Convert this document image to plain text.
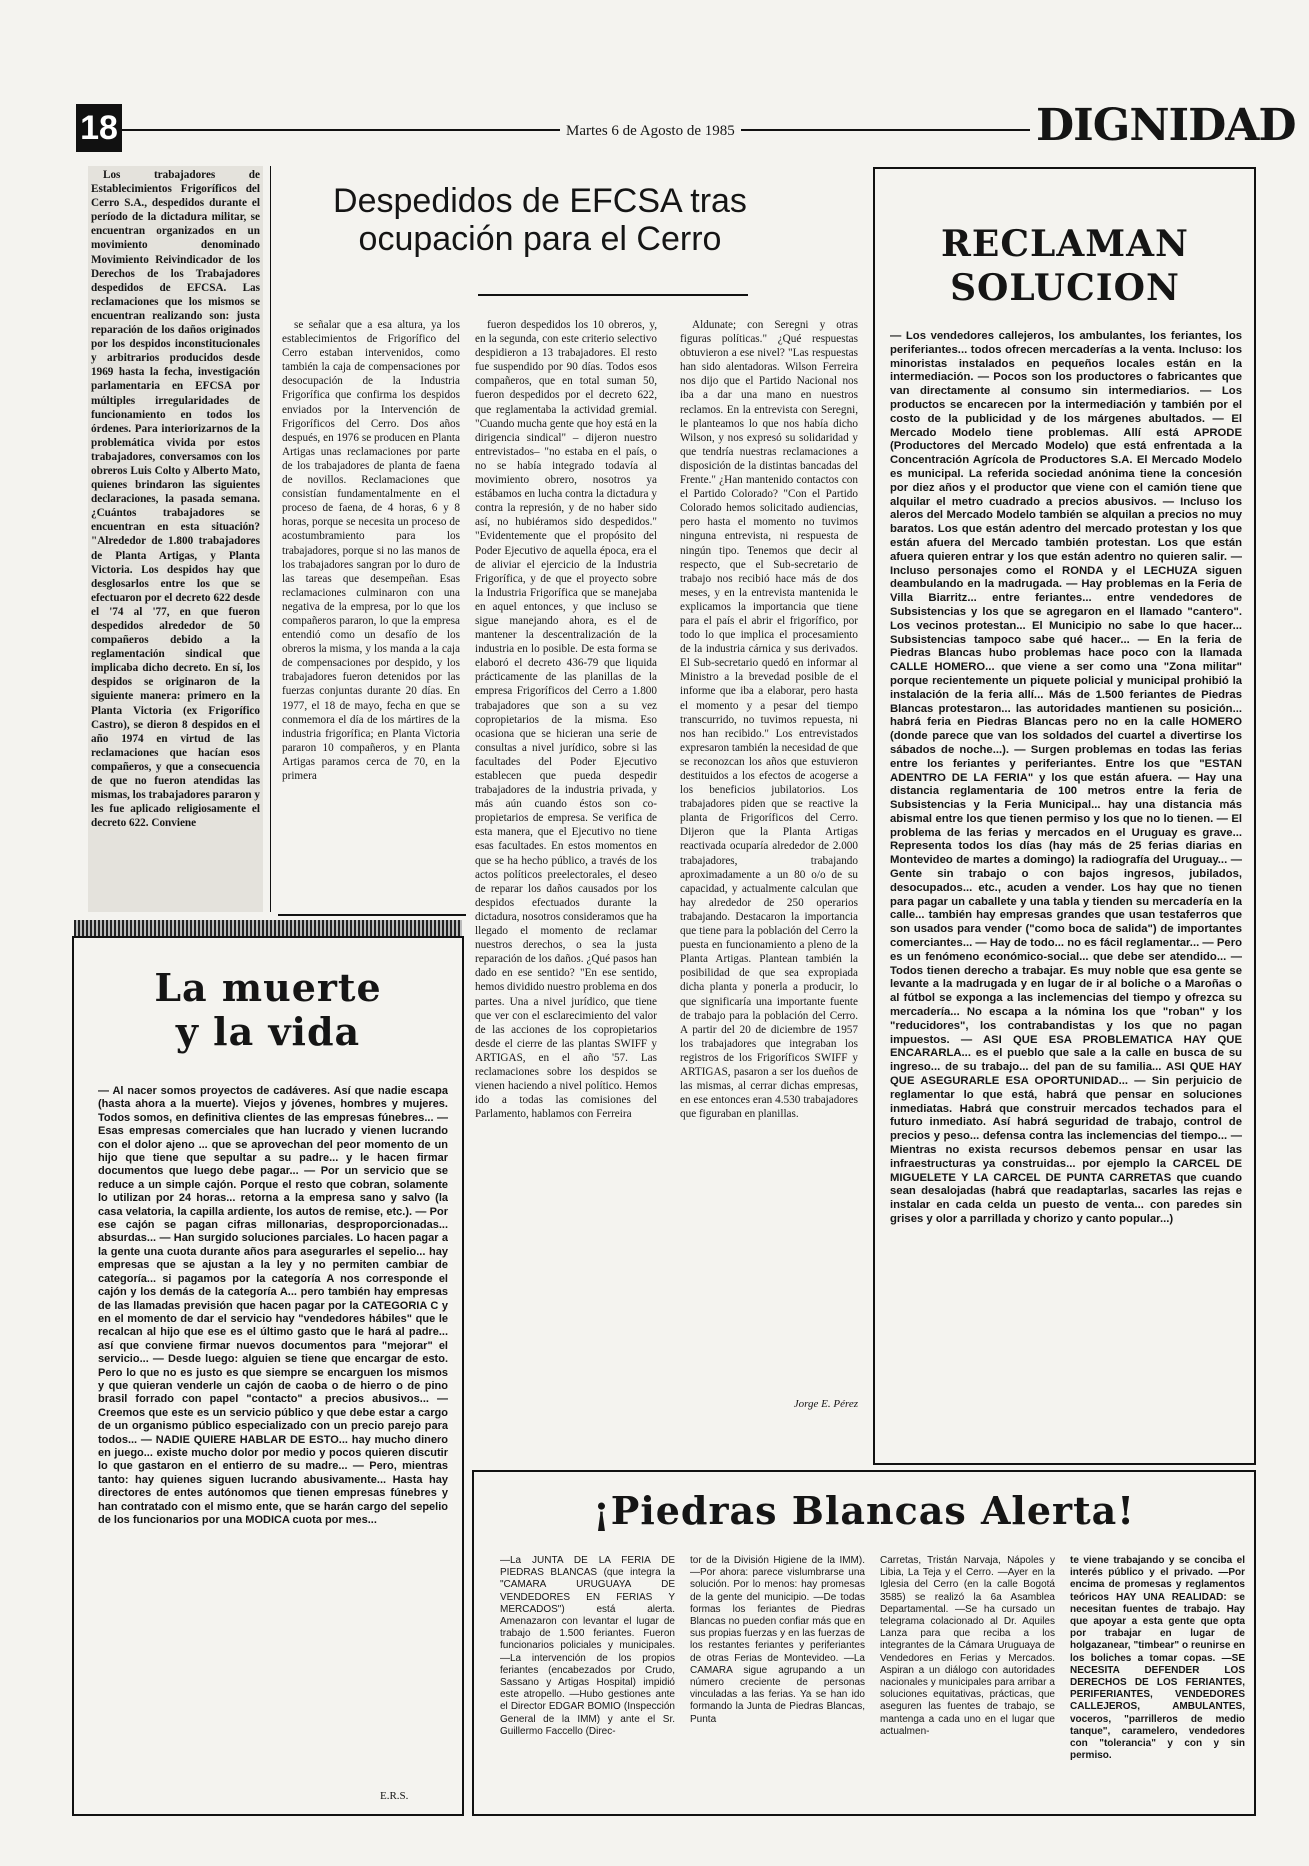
18	Martes 6 de Agosto de 1985	DIGNIDAD

Los trabajadores de Establecimientos Frigoríficos del Cerro S.A., despedidos durante el período de la dictadura militar, se encuentran organizados en un movimiento denominado Movimiento Reivindicador de los Derechos de los Trabajadores despedidos de EFCSA. Las reclamaciones que los mismos se encuentran realizando son: justa reparación de los daños originados por los despidos inconstitucionales y arbitrarios producidos desde 1969 hasta la fecha, investigación parlamentaria en EFCSA por múltiples irregularidades de funcionamiento en todos los órdenes. Para interiorizarnos de la problemática vivida por estos trabajadores, conversamos con los obreros Luis Colto y Alberto Mato, quienes brindaron las siguientes declaraciones, la pasada semana. ¿Cuántos trabajadores se encuentran en esta situación? "Alrededor de 1.800 trabajadores de Planta Artigas, y Planta Victoria. Los despidos hay que desglosarlos entre los que se efectuaron por el decreto 622 desde el '74 al '77, en que fueron despedidos alrededor de 50 compañeros debido a la reglamentación sindical que implicaba dicho decreto. En sí, los despidos se originaron de la siguiente manera: primero en la Planta Victoria (ex Frigorífico Castro), se dieron 8 despidos en el año 1974 en virtud de las reclamaciones que hacían esos compañeros, y que a consecuencia de que no fueron atendidas las mismas, los trabajadores pararon y les fue aplicado religiosamente el decreto 622. Conviene

Despedidos de EFCSA tras
ocupación para el Cerro

se señalar que a esa altura, ya los establecimientos de Frigorífico del Cerro estaban intervenidos, como también la caja de compensaciones por desocupación de la Industria Frigorífica que confirma los despidos enviados por la Intervención de Frigoríficos del Cerro. Dos años después, en 1976 se producen en Planta Artigas unas reclamaciones por parte de los trabajadores de planta de faena de novillos. Reclamaciones que consistían fundamentalmente en el proceso de faena, de 4 horas, 6 y 8 horas, porque se necesita un proceso de acostumbramiento para los trabajadores, porque si no las manos de los trabajadores sangran por lo duro de las tareas que desempeñan. Esas reclamaciones culminaron con una negativa de la empresa, por lo que los compañeros pararon, lo que la empresa entendió como un desafío de los obreros la misma, y los manda a la caja de compensaciones por despido, y los trabajadores fueron detenidos por las fuerzas conjuntas durante 20 días. En 1977, el 18 de mayo, fecha en que se conmemora el día de los mártires de la industria frigorífica; en Planta Victoria pararon 10 compañeros, y en Planta Artigas paramos cerca de 70, en la primera

fueron despedidos los 10 obreros, y, en la segunda, con este criterio selectivo despidieron a 13 trabajadores. El resto fue suspendido por 90 días. Todos esos compañeros, que en total suman 50, fueron despedidos por el decreto 622, que reglamentaba la actividad gremial. "Cuando mucha gente que hoy está en la dirigencia sindical" – dijeron nuestro entrevistados– "no estaba en el país, o no se había integrado todavía al movimiento obrero, nosotros ya estábamos en lucha contra la dictadura y contra la represión, y de no haber sido así, no hubiéramos sido despedidos." "Evidentemente que el propósito del Poder Ejecutivo de aquella época, era el de aliviar el ejercicio de la Industria Frigorífica, y de que el proyecto sobre la Industria Frigorífica que se manejaba en aquel entonces, y que incluso se sigue manejando ahora, es el de mantener la descentralización de la industria en lo posible. De esta forma se elaboró el decreto 436-79 que liquida prácticamente de las planillas de la empresa Frigoríficos del Cerro a 1.800 trabajadores que son a su vez copropietarios de la misma. Eso ocasiona que se hicieran una serie de consultas a nivel jurídico, sobre si las facultades del Poder Ejecutivo establecen que pueda despedir trabajadores de la industria privada, y más aún cuando éstos son co-propietarios de empresa. Se verifica de esta manera, que el Ejecutivo no tiene esas facultades. En estos momentos en que se ha hecho público, a través de los actos políticos preelectorales, el deseo de reparar los daños causados por los despidos efectuados durante la dictadura, nosotros consideramos que ha llegado el momento de reclamar nuestros derechos, o sea la justa reparación de los daños. ¿Qué pasos han dado en ese sentido? "En ese sentido, hemos dividido nuestro problema en dos partes. Una a nivel jurídico, que tiene que ver con el esclarecimiento del valor de las acciones de los copropietarios desde el cierre de las plantas SWIFF y ARTIGAS, en el año '57. Las reclamaciones sobre los despidos se vienen haciendo a nivel político. Hemos ido a todas las comisiones del Parlamento, hablamos con Ferreira

Aldunate; con Seregni y otras figuras políticas." ¿Qué respuestas obtuvieron a ese nivel? "Las respuestas han sido alentadoras. Wilson Ferreira nos dijo que el Partido Nacional nos iba a dar una mano en nuestros reclamos. En la entrevista con Seregni, le planteamos lo que nos había dicho Wilson, y nos expresó su solidaridad y que tendría nuestras reclamaciones a disposición de la distintas bancadas del Frente." ¿Han mantenido contactos con el Partido Colorado? "Con el Partido Colorado hemos solicitado audiencias, pero hasta el momento no tuvimos ninguna entrevista, ni respuesta de ningún tipo. Tenemos que decir al respecto, que el Sub-secretario de trabajo nos recibió hace más de dos meses, y en la entrevista mantenida le explicamos la importancia que tiene para el país el abrir el frigorífico, por todo lo que implica el procesamiento de la industria cárnica y sus derivados. El Sub-secretario quedó en informar al Ministro a la brevedad posible de el informe que iba a elaborar, pero hasta el momento y a pesar del tiempo transcurrido, no tuvimos repuesta, ni nos han recibido." Los entrevistados expresaron también la necesidad de que se reconozcan los años que estuvieron destituidos a los efectos de acogerse a los beneficios jubilatorios. Los trabajadores piden que se reactive la planta de Frigoríficos del Cerro. Dijeron que la Planta Artigas reactivada ocuparía alrededor de 2.000 trabajadores, trabajando aproximadamente a un 80 o/o de su capacidad, y actualmente calculan que hay alrededor de 250 operarios trabajando. Destacaron la importancia que tiene para la población del Cerro la puesta en funcionamiento a pleno de la Planta Artigas. Plantean también la posibilidad de que sea expropiada dicha planta y ponerla a producir, lo que significaría una importante fuente de trabajo para la población del Cerro. A partir del 20 de diciembre de 1957 los trabajadores que integraban los registros de los Frigoríficos SWIFF y ARTIGAS, pasaron a ser los dueños de las mismas, al cerrar dichas empresas, en ese entonces eran 4.530 trabajadores que figuraban en planillas.

Jorge E. Pérez
La muerte
y la vida

— Al nacer somos proyectos de cadáveres. Así que nadie escapa (hasta ahora a la muerte). Viejos y jóvenes, hombres y mujeres. Todos somos, en definitiva clientes de las empresas fúnebres... — Esas empresas comerciales que han lucrado y vienen lucrando con el dolor ajeno ... que se aprovechan del peor momento de un hijo que tiene que sepultar a su padre... y le hacen firmar documentos que luego debe pagar... — Por un servicio que se reduce a un simple cajón. Porque el resto que cobran, solamente lo utilizan por 24 horas... retorna a la empresa sano y salvo (la casa velatoria, la capilla ardiente, los autos de remise, etc.). — Por ese cajón se pagan cifras millonarias, desproporcionadas... absurdas... — Han surgido soluciones parciales. Lo hacen pagar a la gente una cuota durante años para asegurarles el sepelio... hay empresas que se ajustan a la ley y no permiten cambiar de categoría... si pagamos por la categoría A nos corresponde el cajón y los demás de la categoría A... pero también hay empresas de las llamadas previsión que hacen pagar por la CATEGORIA C y en el momento de dar el servicio hay "vendedores hábiles" que le recalcan al hijo que ese es el último gasto que le hará al padre... así que conviene firmar nuevos documentos para "mejorar" el servicio... — Desde luego: alguien se tiene que encargar de esto. Pero lo que no es justo es que siempre se encarguen los mismos y que quieran venderle un cajón de caoba o de hierro o de pino brasil forrado con papel "contacto" a precios abusivos... — Creemos que este es un servicio público y que debe estar a cargo de un organismo público especializado con un precio parejo para todos... — NADIE QUIERE HABLAR DE ESTO... hay mucho dinero en juego... existe mucho dolor por medio y pocos quieren discutir lo que gastaron en el entierro de su madre... — Pero, mientras tanto: hay quienes siguen lucrando abusivamente... Hasta hay directores de entes autónomos que tienen empresas fúnebres y han contratado con el mismo ente, que se harán cargo del sepelio de los funcionarios por una MODICA cuota por mes...

E.R.S.
RECLAMAN
SOLUCION

— Los vendedores callejeros, los ambulantes, los feriantes, los periferiantes... todos ofrecen mercaderías a la venta. Incluso: los minoristas instalados en pequeños locales están en la intermediación. — Pocos son los productores o fabricantes que van directamente al consumo sin intermediarios. — Los productos se encarecen por la intermediación y también por el costo de la publicidad y de los márgenes abultados. — El Mercado Modelo tiene problemas. Allí está APRODE (Productores del Mercado Modelo) que está enfrentada a la Concentración Agrícola de Productores S.A. El Mercado Modelo es municipal. La referida sociedad anónima tiene la concesión por diez años y el productor que viene con el camión tiene que alquilar el metro cuadrado a precios abusivos. — Incluso los aleros del Mercado Modelo también se alquilan a precios no muy baratos. Los que están adentro del mercado protestan y los que están afuera del Mercado también protestan. Los que están afuera quieren entrar y los que están adentro no quieren salir. — Incluso personajes como el RONDA y el LECHUZA siguen deambulando en la madrugada. — Hay problemas en la Feria de Villa Biarritz... entre feriantes... entre vendedores de Subsistencias y los que se agregaron en el llamado "cantero". Los vecinos protestan... El Municipio no sabe lo que hacer... Subsistencias tampoco sabe qué hacer... — En la feria de Piedras Blancas hubo problemas hace poco con la llamada CALLE HOMERO... que viene a ser como una "Zona militar" porque recientemente un piquete policial y municipal prohibió la instalación de la feria allí... Más de 1.500 feriantes de Piedras Blancas protestaron... las autoridades mantienen su posición... habrá feria en Piedras Blancas pero no en la calle HOMERO (donde parece que van los soldados del cuartel a divertirse los sábados de noche...). — Surgen problemas en todas las ferias entre los feriantes y periferiantes. Entre los que "ESTAN ADENTRO DE LA FERIA" y los que están afuera. — Hay una distancia reglamentaria de 100 metros entre la feria de Subsistencias y la Feria Municipal... hay una distancia más abismal entre los que tienen permiso y los que no lo tienen. — El problema de las ferias y mercados en el Uruguay es grave... Representa todos los días (hay más de 25 ferias diarias en Montevideo de martes a domingo) la radiografía del Uruguay... — Gente sin trabajo o con bajos ingresos, jubilados, desocupados... etc., acuden a vender. Los hay que no tienen para pagar un caballete y una tabla y tienden su mercadería en la calle... también hay empresas grandes que usan testaferros que son usados para vender ("como boca de salida") de importantes comerciantes... — Hay de todo... no es fácil reglamentar... — Pero es un fenómeno económico-social... que debe ser atendido... — Todos tienen derecho a trabajar. Es muy noble que esa gente se levante a la madrugada y en lugar de ir al boliche o a Maroñas o al fútbol se exponga a las inclemencias del tiempo y ofrezca su mercadería... No escapa a la nómina los que "roban" y los "reducidores", los contrabandistas y los que no pagan impuestos. — ASI QUE ESA PROBLEMATICA HAY QUE ENCARARLA... es el pueblo que sale a la calle en busca de su ingreso... de su trabajo... del pan de su familia... ASI QUE HAY QUE ASEGURARLE ESA OPORTUNIDAD... — Sin perjuicio de reglamentar lo que está, habrá que pensar en soluciones inmediatas. Habrá que construir mercados techados para el futuro inmediato. Así habrá seguridad de trabajo, control de precios y peso... defensa contra las inclemencias del tiempo... — Mientras no exista recursos debemos pensar en usar las infraestructuras ya construidas... por ejemplo la CARCEL DE MIGUELETE Y LA CARCEL DE PUNTA CARRETAS que cuando sean desalojadas (habrá que readaptarlas, sacarles las rejas e instalar en cada celda un puesto de venta... con paredes sin grises y olor a parrillada y chorizo y canto popular...)

¡Piedras Blancas Alerta!

—La JUNTA DE LA FERIA DE PIEDRAS BLANCAS (que integra la "CAMARA URUGUAYA DE VENDEDORES EN FERIAS Y MERCADOS") está alerta. Amenazaron con levantar el lugar de trabajo de 1.500 feriantes. Fueron funcionarios policiales y municipales. —La intervención de los propios feriantes (encabezados por Crudo, Sassano y Artigas Hospital) impidió este atropello. —Hubo gestiones ante el Director EDGAR BOMIO (Inspección General de la IMM) y ante el Sr. Guillermo Faccello (Direc-

tor de la División Higiene de la IMM). —Por ahora: parece vislumbrarse una solución. Por lo menos: hay promesas de la gente del municipio. —De todas formas los feriantes de Piedras Blancas no pueden confiar más que en sus propias fuerzas y en las fuerzas de los restantes feriantes y periferiantes de otras Ferias de Montevideo. —La CAMARA sigue agrupando a un número creciente de personas vinculadas a las ferias. Ya se han ido formando la Junta de Piedras Blancas, Punta

Carretas, Tristán Narvaja, Nápoles y Libia, La Teja y el Cerro. —Ayer en la Iglesia del Cerro (en la calle Bogotá 3585) se realizó la 6a Asamblea Departamental. —Se ha cursado un telegrama colacionado al Dr. Aquiles Lanza para que reciba a los integrantes de la Cámara Uruguaya de Vendedores en Ferias y Mercados. Aspiran a un diálogo con autoridades nacionales y municipales para arribar a soluciones equitativas, prácticas, que aseguren las fuentes de trabajo, se mantenga a cada uno en el lugar que actualmen-

te viene trabajando y se conciba el interés público y el privado. —Por encima de promesas y reglamentos teóricos HAY UNA REALIDAD: se necesitan fuentes de trabajo. Hay que apoyar a esta gente que opta por trabajar en lugar de holgazanear, "timbear" o reunirse en los boliches a tomar copas. —SE NECESITA DEFENDER LOS DERECHOS DE LOS FERIANTES, PERIFERIANTES, VENDEDORES CALLEJEROS, AMBULANTES, voceros, "parrilleros de medio tanque", caramelero, vendedores con "tolerancia" y con y sin permiso.
